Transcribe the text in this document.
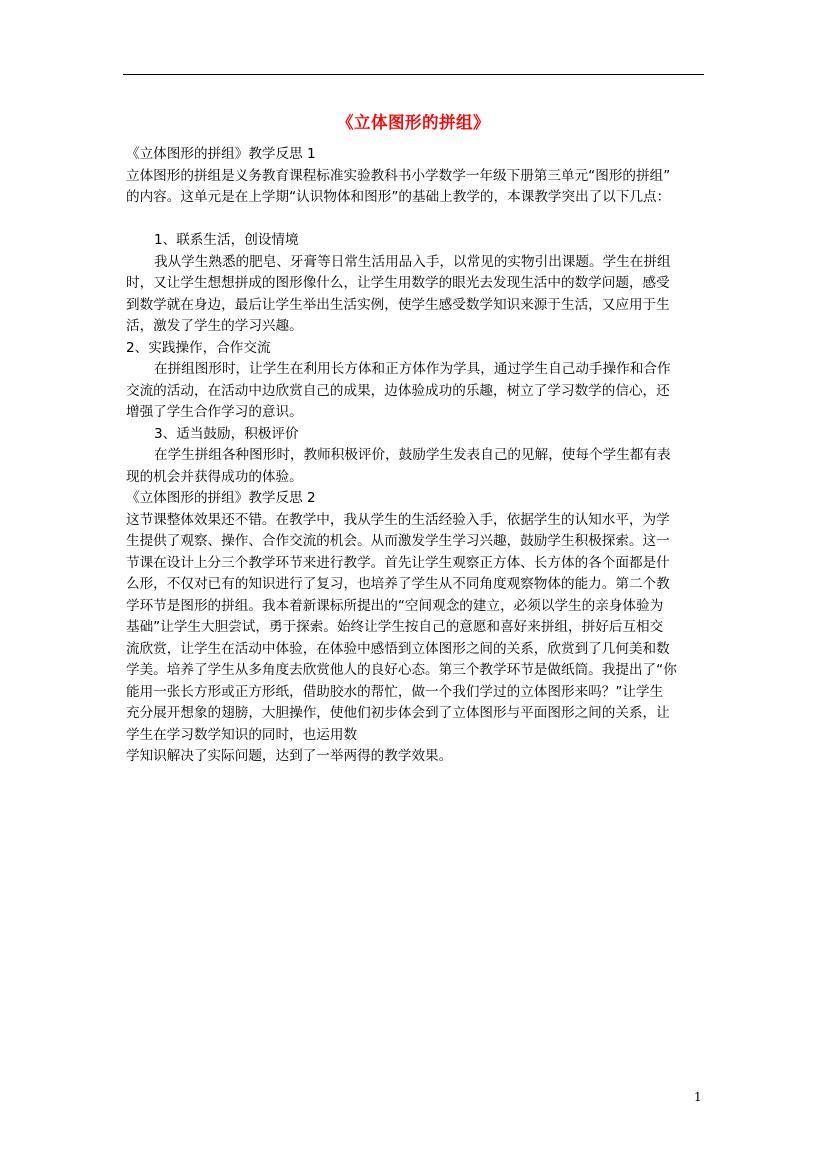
《立体图形的拼组》
《立体图形的拼组》教学反思 1
立体图形的拼组是义务教育课程标准实验教科书小学数学一年级下册第三单元“图形的拼组”
的内容。这单元是在上学期“认识物体和图形”的基础上教学的，本课教学突出了以下几点：
1、联系生活，创设情境
我从学生熟悉的肥皂、牙膏等日常生活用品入手，以常见的实物引出课题。学生在拼组
时，又让学生想想拼成的图形像什么，让学生用数学的眼光去发现生活中的数学问题，感受
到数学就在身边，最后让学生举出生活实例，使学生感受数学知识来源于生活，又应用于生
活，激发了学生的学习兴趣。
2、实践操作，合作交流
在拼组图形时，让学生在利用长方体和正方体作为学具，通过学生自己动手操作和合作
交流的活动，在活动中边欣赏自己的成果，边体验成功的乐趣，树立了学习数学的信心，还
增强了学生合作学习的意识。
3、适当鼓励，积极评价
在学生拼组各种图形时，教师积极评价，鼓励学生发表自己的见解，使每个学生都有表
现的机会并获得成功的体验。
《立体图形的拼组》教学反思 2
这节课整体效果还不错。在教学中，我从学生的生活经验入手，依据学生的认知水平，为学
生提供了观察、操作、合作交流的机会。从而激发学生学习兴趣，鼓励学生积极探索。这一
节课在设计上分三个教学环节来进行教学。首先让学生观察正方体、长方体的各个面都是什
么形，不仅对已有的知识进行了复习，也培养了学生从不同角度观察物体的能力。第二个教
学环节是图形的拼组。我本着新课标所提出的“空间观念的建立，必须以学生的亲身体验为
基础”让学生大胆尝试，勇于探索。始终让学生按自己的意愿和喜好来拼组，拼好后互相交
流欣赏，让学生在活动中体验，在体验中感悟到立体图形之间的关系，欣赏到了几何美和数
学美。培养了学生从多角度去欣赏他人的良好心态。第三个教学环节是做纸筒。我提出了“你
能用一张长方形或正方形纸，借助胶水的帮忙，做一个我们学过的立体图形来吗？”让学生
充分展开想象的翅膀，大胆操作，使他们初步体会到了立体图形与平面图形之间的关系，让
学生在学习数学知识的同时，也运用数
学知识解决了实际问题，达到了一举两得的教学效果。
1
